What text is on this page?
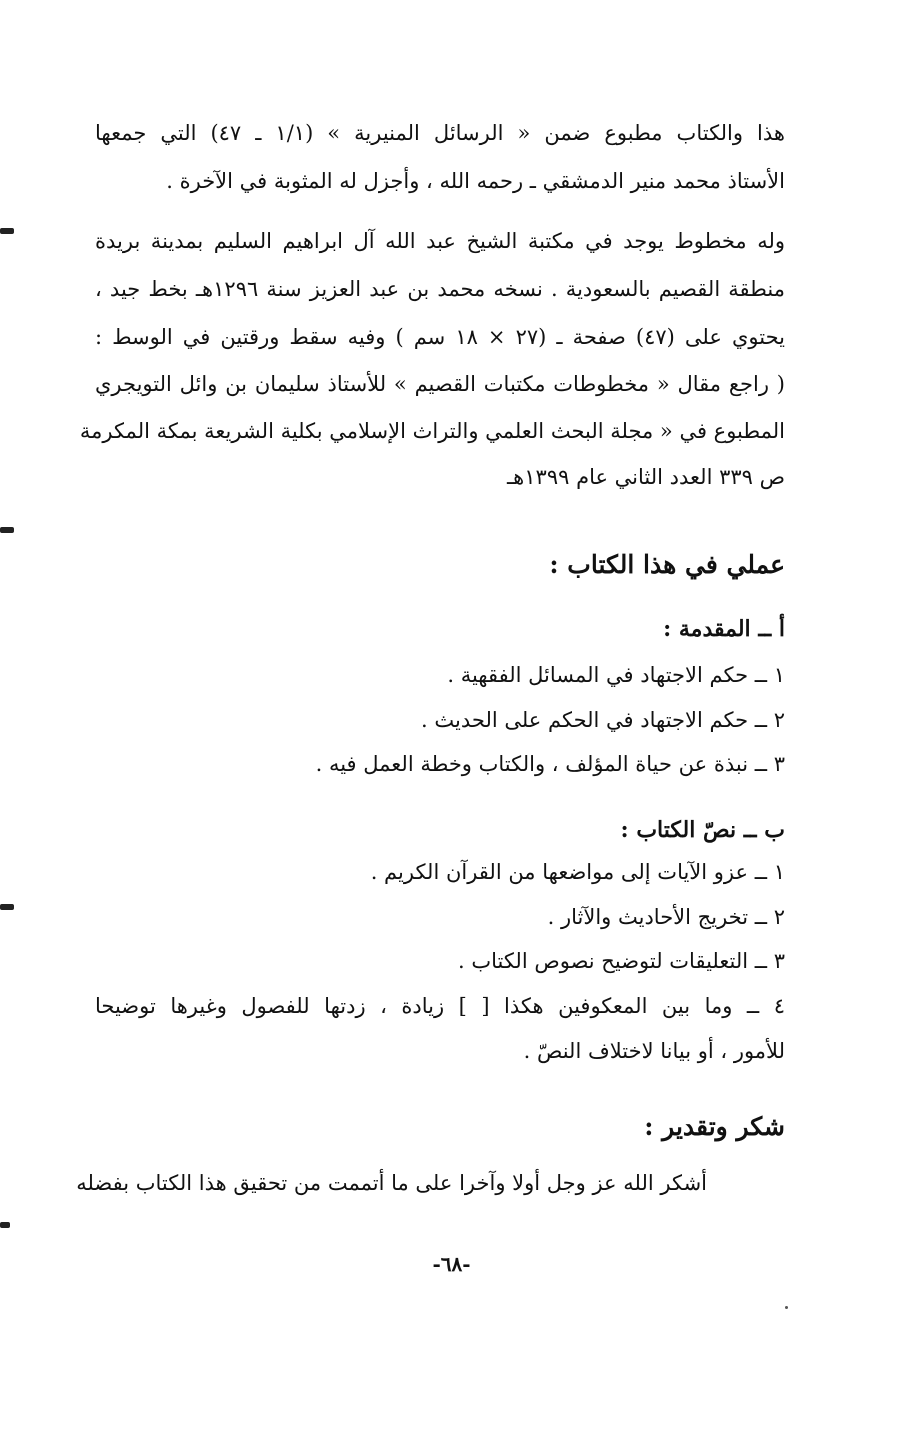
هذا والكتاب مطبوع ضمن « الرسائل المنيرية » (١/١ ـ ٤٧) التي جمعها
الأستاذ محمد منير الدمشقي ـ رحمه الله ، وأجزل له المثوبة في الآخرة .
وله مخطوط يوجد في مكتبة الشيخ عبد الله آل ابراهيم السليم بمدينة بريدة
منطقة القصيم بالسعودية . نسخه محمد بن عبد العزيز سنة ١٢٩٦هـ بخط جيد ،
يحتوي على (٤٧) صفحة ـ (٢٧ × ١٨ سم ) وفيه سقط ورقتين في الوسط :
( راجع مقال « مخطوطات مكتبات القصيم » للأستاذ سليمان بن وائل التويجري
المطبوع في « مجلة البحث العلمي والتراث الإسلامي بكلية الشريعة بمكة المكرمة
ص ٣٣٩ العدد الثاني عام ١٣٩٩هـ
عملي في هذا الكتاب :
أ ــ المقدمة :
١ ــ حكم الاجتهاد في المسائل الفقهية .
٢ ــ حكم الاجتهاد في الحكم على الحديث .
٣ ــ نبذة عن حياة المؤلف ، والكتاب وخطة العمل فيه .
ب ــ نصّ الكتاب :
١ ــ عزو الآيات إلى مواضعها من القرآن الكريم .
٢ ــ تخريج الأحاديث والآثار .
٣ ــ التعليقات لتوضيح نصوص الكتاب .
٤ ــ وما بين المعكوفين هكذا [ ] زيادة ، زدتها للفصول وغيرها توضيحا
للأمور ، أو بيانا لاختلاف النصّ .
شكر وتقدير :
أشكر الله عز وجل أولا وآخرا على ما أتممت من تحقيق هذا الكتاب بفضله
-٦٨-
